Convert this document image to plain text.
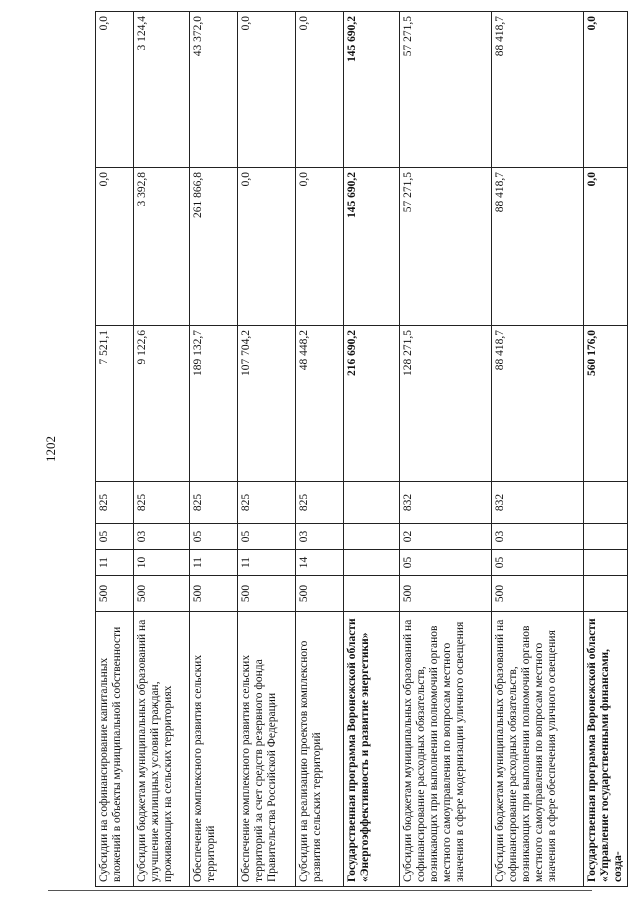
1202
Субсидии на софинансирование капитальных вложений в объекты муниципальной собственности	500	11	05	825	7 521,1	0,0	0,0
Субсидии бюджетам муниципальных образований на улучшение жилищных условий граждан, проживающих на сельских территориях	500	10	03	825	9 122,6	3 392,8	3 124,4
Обеспечение комплексного развития сельских территорий	500	11	05	825	189 132,7	261 866,8	43 372,0
Обеспечение комплексного развития сельских территорий за счет средств резервного фонда Правительства Российской Федерации	500	11	05	825	107 704,2	0,0	0,0
Субсидии на реализацию проектов комплексного развития сельских территорий	500	14	03	825	48 448,2	0,0	0,0
Государственная программа Воронежской области «Энергоэффективность и развитие энергетики»					216 690,2	145 690,2	145 690,2
Субсидии бюджетам муниципальных образований на софинансирование расходных обязательств, возникающих при выполнении полномочий органов местного самоуправления по вопросам местного значения в сфере модернизации уличного освещения	500	05	02	832	128 271,5	57 271,5	57 271,5
Субсидии бюджетам муниципальных образований на софинансирование расходных обязательств, возникающих при выполнении полномочий органов местного самоуправления по вопросам местного значения в сфере обеспечения уличного освещения	500	05	03	832	88 418,7	88 418,7	88 418,7
Государственная программа Воронежской области «Управление государственными финансами, созда-					560 176,0	0,0	0,0
